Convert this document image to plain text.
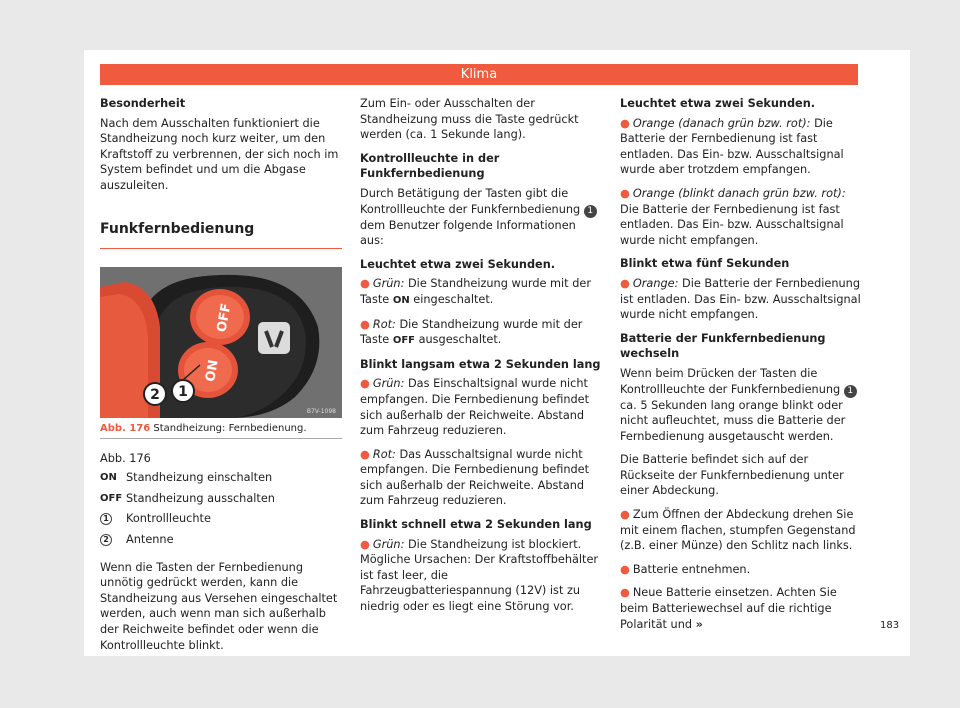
Klima
Besonderheit

Nach dem Ausschalten funktioniert die Standheizung noch kurz weiter, um den Kraftstoff zu verbrennen, der sich noch im System befindet und um die Abgase auszuleiten.

Funkfernbedienung
OFF
ON
2 1
B7V-1098
Abb. 176 Standheizung: Fernbedienung.
Abb. 176
ON Standheizung einschalten
OFF Standheizung ausschalten
1	Kontrollleuchte
2	Antenne

Wenn die Tasten der Fernbedienung unnötig gedrückt werden, kann die Standheizung aus Versehen eingeschaltet werden, auch wenn man sich außerhalb der Reichweite befindet oder wenn die Kontrollleuchte blinkt.

Zum Ein- oder Ausschalten der Standheizung muss die Taste gedrückt werden (ca. 1 Sekunde lang).

Kontrollleuchte in der Funkfernbedienung

Durch Betätigung der Tasten gibt die Kontrollleuchte der Funkfernbedienung 1 dem Benutzer folgende Informationen aus:

Leuchtet etwa zwei Sekunden.

● Grün: Die Standheizung wurde mit der Taste ON eingeschaltet.

● Rot: Die Standheizung wurde mit der Taste OFF ausgeschaltet.

Blinkt langsam etwa 2 Sekunden lang

● Grün: Das Einschaltsignal wurde nicht empfangen. Die Fernbedienung befindet sich außerhalb der Reichweite. Abstand zum Fahrzeug reduzieren.

● Rot: Das Ausschaltsignal wurde nicht empfangen. Die Fernbedienung befindet sich außerhalb der Reichweite. Abstand zum Fahrzeug reduzieren.

Blinkt schnell etwa 2 Sekunden lang

● Grün: Die Standheizung ist blockiert. Mögliche Ursachen: Der Kraftstoffbehälter ist fast leer, die Fahrzeugbatteriespannung (12V) ist zu niedrig oder es liegt eine Störung vor.

Leuchtet etwa zwei Sekunden.

● Orange (danach grün bzw. rot): Die Batterie der Fernbedienung ist fast entladen. Das Ein- bzw. Ausschaltsignal wurde aber trotzdem empfangen.

● Orange (blinkt danach grün bzw. rot): Die Batterie der Fernbedienung ist fast entladen. Das Ein- bzw. Ausschaltsignal wurde nicht empfangen.

Blinkt etwa fünf Sekunden

● Orange: Die Batterie der Fernbedienung ist entladen. Das Ein- bzw. Ausschaltsignal wurde nicht empfangen.

Batterie der Funkfernbedienung wechseln

Wenn beim Drücken der Tasten die Kontrollleuchte der Funkfernbedienung 1 ca. 5 Sekunden lang orange blinkt oder nicht aufleuchtet, muss die Batterie der Fernbedienung ausgetauscht werden.

Die Batterie befindet sich auf der Rückseite der Funkfernbedienung unter einer Abdeckung.

● Zum Öffnen der Abdeckung drehen Sie mit einem flachen, stumpfen Gegenstand (z.B. einer Münze) den Schlitz nach links.

● Batterie entnehmen.

● Neue Batterie einsetzen. Achten Sie beim Batteriewechsel auf die richtige Polarität und »	183
